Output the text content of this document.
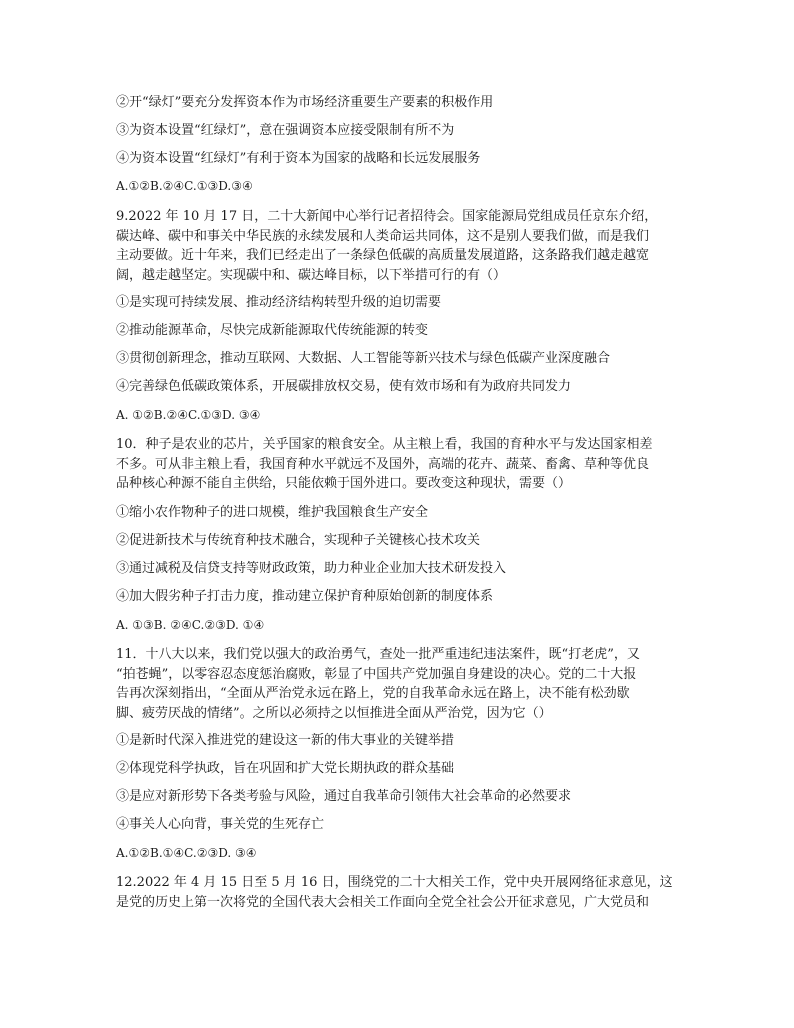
②开“绿灯”要充分发挥资本作为市场经济重要生产要素的积极作用
③为资本设置“红绿灯”，意在强调资本应接受限制有所不为
④为资本设置“红绿灯”有利于资本为国家的战略和长远发展服务
A.①②B.②④C.①③D.③④
9.2022 年 10 月 17 日，二十大新闻中心举行记者招待会。国家能源局党组成员任京东介绍，
碳达峰、碳中和事关中华民族的永续发展和人类命运共同体，这不是别人要我们做，而是我们
主动要做。近十年来，我们已经走出了一条绿色低碳的高质量发展道路，这条路我们越走越宽
阔，越走越坚定。实现碳中和、碳达峰目标，以下举措可行的有（）
①是实现可持续发展、推动经济结构转型升级的迫切需要
②推动能源革命，尽快完成新能源取代传统能源的转变
③贯彻创新理念，推动互联网、大数据、人工智能等新兴技术与绿色低碳产业深度融合
④完善绿色低碳政策体系，开展碳排放权交易，使有效市场和有为政府共同发力
A. ①②B.②④C.①③D. ③④
10．种子是农业的芯片，关乎国家的粮食安全。从主粮上看，我国的育种水平与发达国家相差
不多。可从非主粮上看，我国育种水平就远不及国外，高端的花卉、蔬菜、畜禽、草种等优良
品种核心种源不能自主供给，只能依赖于国外进口。要改变这种现状，需要（）
①缩小农作物种子的进口规模，维护我国粮食生产安全
②促进新技术与传统育种技术融合，实现种子关键核心技术攻关
③通过减税及信贷支持等财政政策，助力种业企业加大技术研发投入
④加大假劣种子打击力度，推动建立保护育种原始创新的制度体系
A. ①③B. ②④C.②③D. ①④
11．十八大以来，我们党以强大的政治勇气，查处一批严重违纪违法案件，既“打老虎”，又
“拍苍蝇”，以零容忍态度惩治腐败，彰显了中国共产党加强自身建设的决心。党的二十大报
告再次深刻指出，“全面从严治党永远在路上，党的自我革命永远在路上，决不能有松劲歇
脚、疲劳厌战的情绪”。之所以必须持之以恒推进全面从严治党，因为它（）
①是新时代深入推进党的建设这一新的伟大事业的关键举措
②体现党科学执政，旨在巩固和扩大党长期执政的群众基础
③是应对新形势下各类考验与风险，通过自我革命引领伟大社会革命的必然要求
④事关人心向背，事关党的生死存亡
A.①②B.①④C.②③D. ③④
12.2022 年 4 月 15 日至 5 月 16 日，围绕党的二十大相关工作，党中央开展网络征求意见，这
是党的历史上第一次将党的全国代表大会相关工作面向全党全社会公开征求意见，广大党员和
